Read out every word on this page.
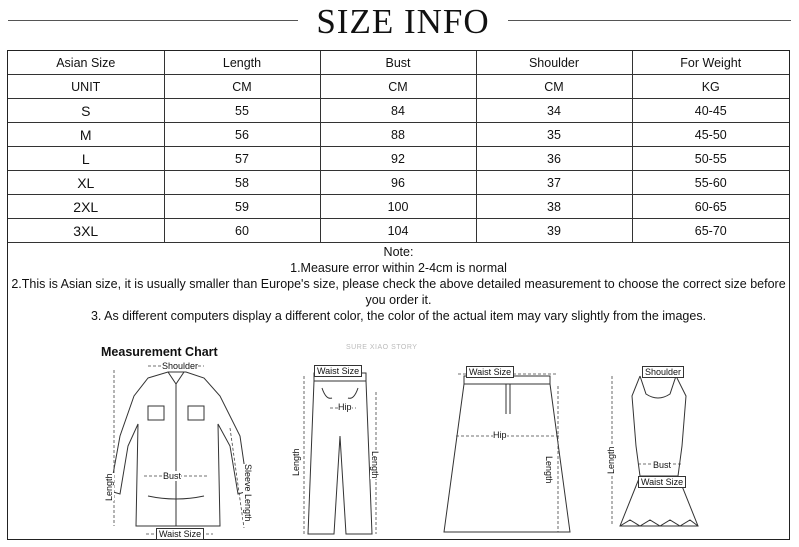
SIZE INFO
Asian Size	Length	Bust	Shoulder	For Weight
UNIT	CM	CM	CM	KG
S	55	84	34	40-45
M	56	88	35	45-50
L	57	92	36	50-55
XL	58	96	37	55-60
2XL	59	100	38	60-65
3XL	60	104	39	65-70
Note:
1.Measure error within 2-4cm is normal
2.This is Asian size, it is usually smaller than Europe's size, please check the above detailed measurement to choose the correct size before you order it.
3. As different computers display a different color, the color of the actual item may vary slightly from the images.
Measurement Chart	SURE XIAO STORY
Shoulder
Bust
Waist Size
Length	Sleeve Length
Waist Size
Hip
Length	Length
Waist Size
Hip
Length
Shoulder
Bust
Waist Size
Length
